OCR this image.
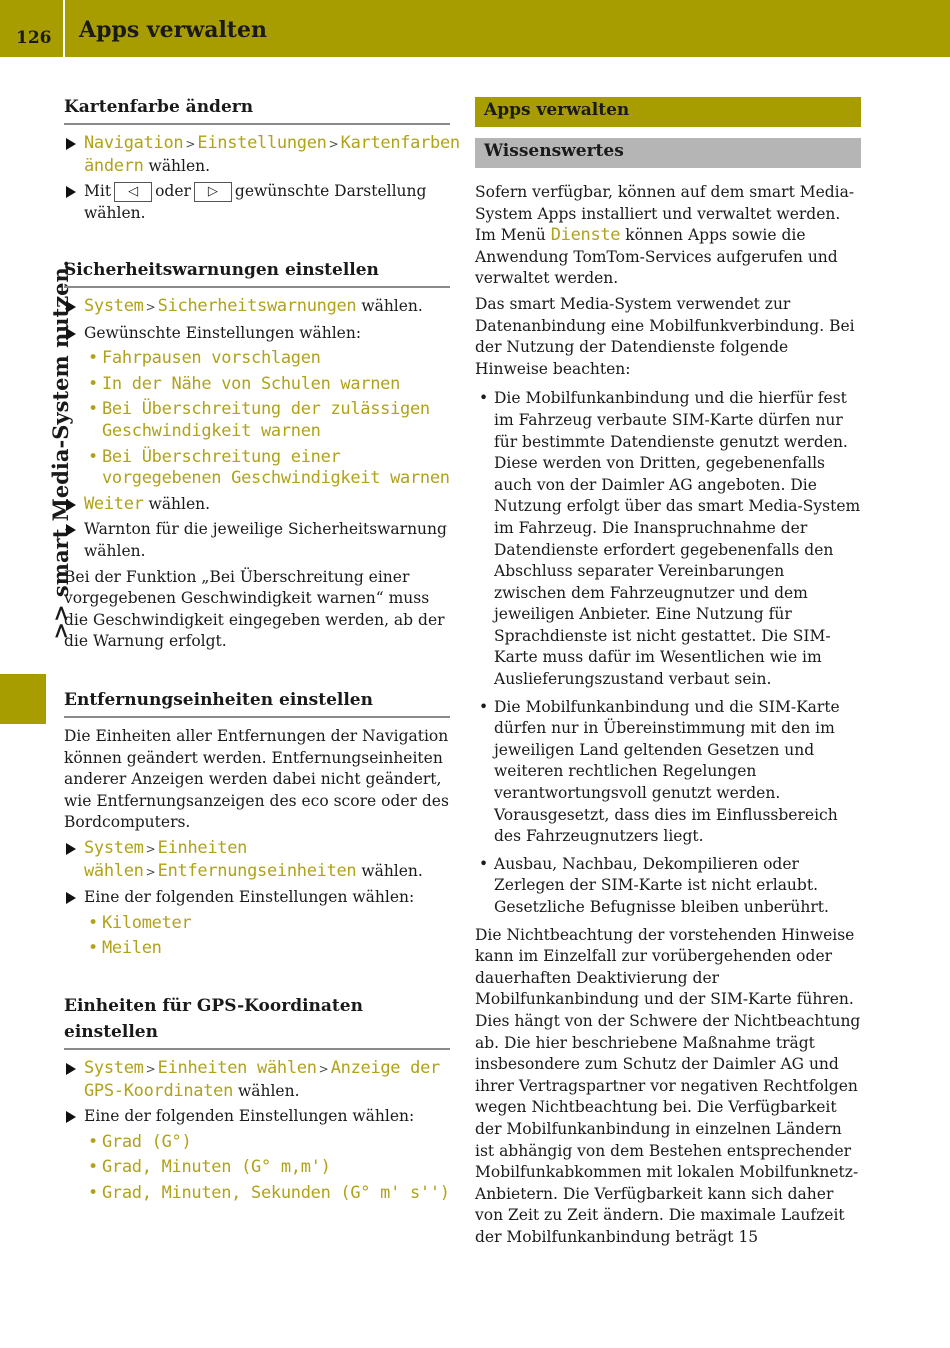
126 Apps verwalten
>> smart Media-System nutzen.
Kartenfarbe ändern
Navigation > Einstellungen > Kartenfarben ändern wählen.
Mit ◁ oder ▷ gewünschte Darstellung wählen.
Sicherheitswarnungen einstellen
System > Sicherheitswarnungen wählen.
Gewünschte Einstellungen wählen:
• Fahrpausen vorschlagen
• In der Nähe von Schulen warnen
• Bei Überschreitung der zulässigen Geschwindigkeit warnen
• Bei Überschreitung einer vorgegebenen Geschwindigkeit warnen
Weiter wählen.
Warnton für die jeweilige Sicherheitswarnung wählen.

Bei der Funktion „Bei Überschreitung einer vorgegebenen Geschwindigkeit warnen“ muss die Geschwindigkeit eingegeben werden, ab der die Warnung erfolgt.

Entfernungseinheiten einstellen

Die Einheiten aller Entfernungen der Navigation können geändert werden. Entfernungseinheiten anderer Anzeigen werden dabei nicht geändert, wie Entfernungsanzeigen des eco score oder des Bordcomputers.

System > Einheiten wählen > Entfernungseinheiten wählen.
Eine der folgenden Einstellungen wählen:
• Kilometer
• Meilen
Einheiten für GPS-Koordinaten einstellen
System > Einheiten wählen > Anzeige der GPS-Koordinaten wählen.
Eine der folgenden Einstellungen wählen:
• Grad (G°)
• Grad, Minuten (G° m,m')
• Grad, Minuten, Sekunden (G° m' s'')
Apps verwalten
Wissenswertes

Sofern verfügbar, können auf dem smart Media-System Apps installiert und verwaltet werden. Im Menü Dienste können Apps sowie die Anwendung TomTom-Services aufgerufen und verwaltet werden.

Das smart Media-System verwendet zur Datenanbindung eine Mobilfunkverbindung. Bei der Nutzung der Datendienste folgende Hinweise beachten:

• Die Mobilfunkanbindung und die hierfür fest im Fahrzeug verbaute SIM-Karte dürfen nur für bestimmte Datendienste genutzt werden. Diese werden von Dritten, gegebenenfalls auch von der Daimler AG angeboten. Die Nutzung erfolgt über das smart Media-System im Fahrzeug. Die Inanspruchnahme der Datendienste erfordert gegebenenfalls den Abschluss separater Vereinbarungen zwischen dem Fahrzeugnutzer und dem jeweiligen Anbieter. Eine Nutzung für Sprachdienste ist nicht gestattet. Die SIM-Karte muss dafür im Wesentlichen wie im Auslieferungszustand verbaut sein.
• Die Mobilfunkanbindung und die SIM-Karte dürfen nur in Übereinstimmung mit den im jeweiligen Land geltenden Gesetzen und weiteren rechtlichen Regelungen verantwortungsvoll genutzt werden. Vorausgesetzt, dass dies im Einflussbereich des Fahrzeugnutzers liegt.
• Ausbau, Nachbau, Dekompilieren oder Zerlegen der SIM-Karte ist nicht erlaubt. Gesetzliche Befugnisse bleiben unberührt.

Die Nichtbeachtung der vorstehenden Hinweise kann im Einzelfall zur vorübergehenden oder dauerhaften Deaktivierung der Mobilfunkanbindung und der SIM-Karte führen. Dies hängt von der Schwere der Nichtbeachtung ab. Die hier beschriebene Maßnahme trägt insbesondere zum Schutz der Daimler AG und ihrer Vertragspartner vor negativen Rechtfolgen wegen Nichtbeachtung bei. Die Verfügbarkeit der Mobilfunkanbindung in einzelnen Ländern ist abhängig von dem Bestehen entsprechender Mobilfunkabkommen mit lokalen Mobilfunknetz-Anbietern. Die Verfügbarkeit kann sich daher von Zeit zu Zeit ändern. Die maximale Laufzeit der Mobilfunkanbindung beträgt 15
